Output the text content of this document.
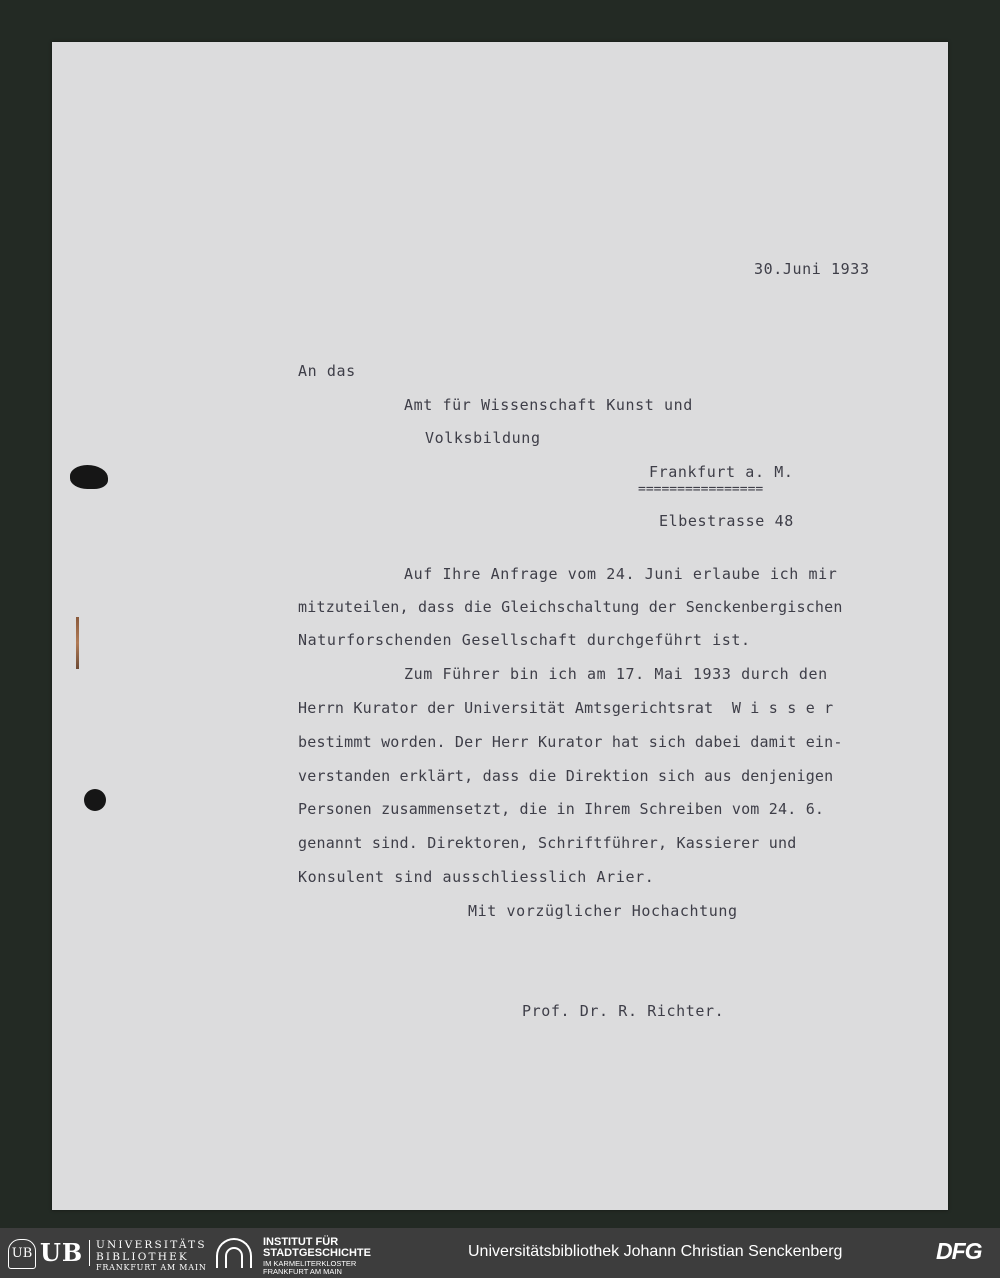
30.Juni 1933

An das

Amt für Wissenschaft Kunst und

Volksbildung

Frankfurt a. M.

================

Elbestrasse 48

Auf Ihre Anfrage vom 24. Juni erlaube ich mir

mitzuteilen, dass die Gleichschaltung der Senckenbergischen

Naturforschenden Gesellschaft durchgeführt ist.

Zum Führer bin ich am 17. Mai 1933 durch den

Herrn Kurator der Universität Amtsgerichtsrat  W i s s e r

bestimmt worden. Der Herr Kurator hat sich dabei damit ein-

verstanden erklärt, dass die Direktion sich aus denjenigen

Personen zusammensetzt, die in Ihrem Schreiben vom 24. 6.

genannt sind. Direktoren, Schriftführer, Kassierer und

Konsulent sind ausschliesslich Arier.

Mit vorzüglicher Hochachtung

Prof. Dr. R. Richter.

UB UB UNIVERSITÄTS
BIBLIOTHEK
FRANKFURT AM MAIN
INSTITUT FÜR
STADTGESCHICHTE
IM KARMELITERKLOSTER
FRANKFURT AM MAIN
Universitätsbibliothek Johann Christian Senckenberg	DFG
